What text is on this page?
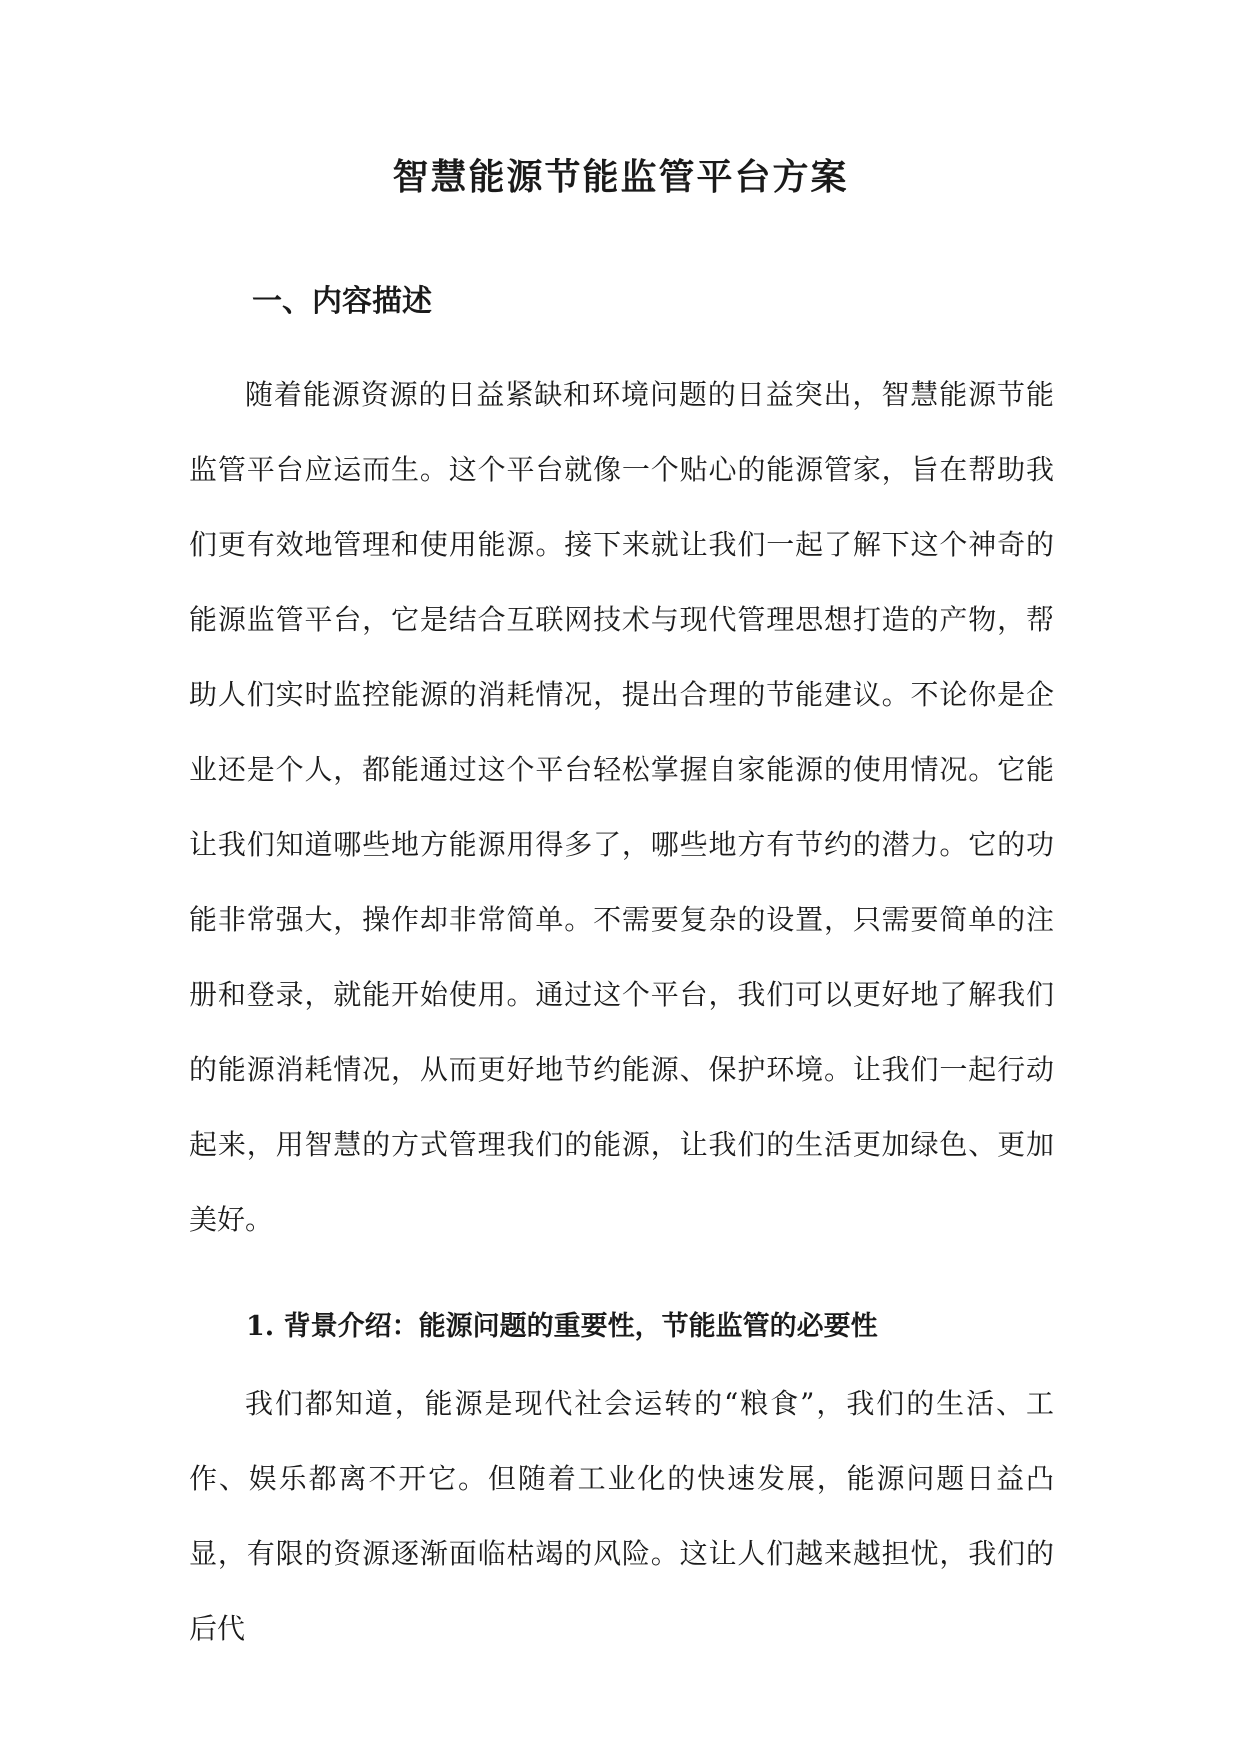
智慧能源节能监管平台方案
一、内容描述

随着能源资源的日益紧缺和环境问题的日益突出，智慧能源节能监管平台应运而生。这个平台就像一个贴心的能源管家，旨在帮助我们更有效地管理和使用能源。接下来就让我们一起了解下这个神奇的能源监管平台，它是结合互联网技术与现代管理思想打造的产物，帮助人们实时监控能源的消耗情况，提出合理的节能建议。不论你是企业还是个人，都能通过这个平台轻松掌握自家能源的使用情况。它能让我们知道哪些地方能源用得多了，哪些地方有节约的潜力。它的功能非常强大，操作却非常简单。不需要复杂的设置，只需要简单的注册和登录，就能开始使用。通过这个平台，我们可以更好地了解我们的能源消耗情况，从而更好地节约能源、保护环境。让我们一起行动起来，用智慧的方式管理我们的能源，让我们的生活更加绿色、更加美好。

1. 背景介绍：能源问题的重要性，节能监管的必要性

我们都知道，能源是现代社会运转的“粮食”，我们的生活、工作、娱乐都离不开它。但随着工业化的快速发展，能源问题日益凸显，有限的资源逐渐面临枯竭的风险。这让人们越来越担忧，我们的后代
